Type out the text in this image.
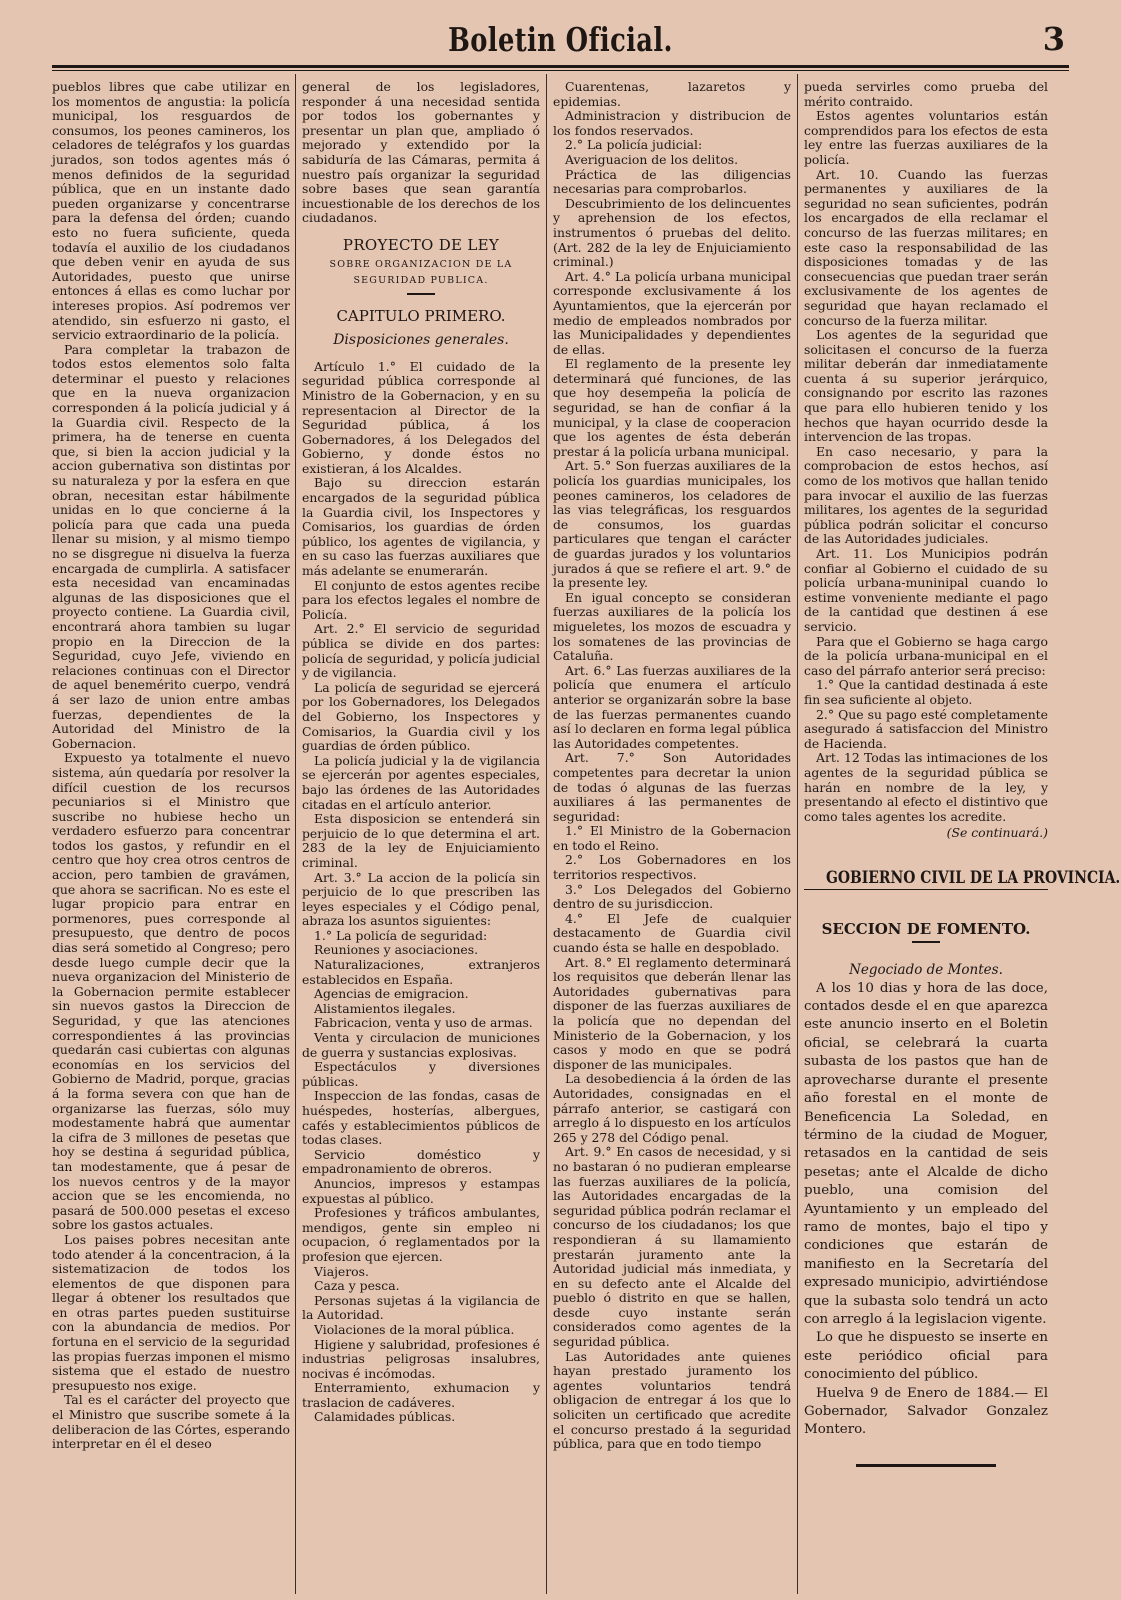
Boletin Oficial.	3

pueblos libres que cabe utilizar en los momentos de angustia: la policía municipal, los resguardos de consumos, los peones camineros, los celadores de telégrafos y los guardas jurados, son todos agentes más ó menos definidos de la seguridad pública, que en un instante dado pueden organizarse y concentrarse para la defensa del órden; cuando esto no fuera suficiente, queda todavía el auxilio de los ciudadanos que deben venir en ayuda de sus Autoridades, puesto que unirse entonces á ellas es como luchar por intereses propios. Así podremos ver atendido, sin esfuerzo ni gasto, el servicio extraordinario de la policía.

Para completar la trabazon de todos estos elementos solo falta determinar el puesto y relaciones que en la nueva organizacion corresponden á la policía judicial y á la Guardia civil. Respecto de la primera, ha de tenerse en cuenta que, si bien la accion judicial y la accion gubernativa son distintas por su naturaleza y por la esfera en que obran, necesitan estar hábilmente unidas en lo que concierne á la policía para que cada una pueda llenar su mision, y al mismo tiempo no se disgregue ni disuelva la fuerza encargada de cumplirla. A satisfacer esta necesidad van encaminadas algunas de las disposiciones que el proyecto contiene. La Guardia civil, encontrará ahora tambien su lugar propio en la Direccion de la Seguridad, cuyo Jefe, viviendo en relaciones continuas con el Director de aquel benemérito cuerpo, vendrá á ser lazo de union entre ambas fuerzas, dependientes de la Autoridad del Ministro de la Gobernacion.

Expuesto ya totalmente el nuevo sistema, aún quedaría por resolver la difícil cuestion de los recursos pecuniarios si el Ministro que suscribe no hubiese hecho un verdadero esfuerzo para concentrar todos los gastos, y refundir en el centro que hoy crea otros centros de accion, pero tambien de gravámen, que ahora se sacrifican. No es este el lugar propicio para entrar en pormenores, pues corresponde al presupuesto, que dentro de pocos dias será sometido al Congreso; pero desde luego cumple decir que la nueva organizacion del Ministerio de la Gobernacion permite establecer sin nuevos gastos la Direccion de Seguridad, y que las atenciones correspondientes á las provincias quedarán casi cubiertas con algunas economías en los servicios del Gobierno de Madrid, porque, gracias á la forma severa con que han de organizarse las fuerzas, sólo muy modestamente habrá que aumentar la cifra de 3 millones de pesetas que hoy se destina á seguridad pública, tan modestamente, que á pesar de los nuevos centros y de la mayor accion que se les encomienda, no pasará de 500.000 pesetas el exceso sobre los gastos actuales.

Los paises pobres necesitan ante todo atender á la concentracion, á la sistematizacion de todos los elementos de que disponen para llegar á obtener los resultados que en otras partes pueden sustituirse con la abundancia de medios. Por fortuna en el servicio de la seguridad las propias fuerzas imponen el mismo sistema que el estado de nuestro presupuesto nos exige.

Tal es el carácter del proyecto que el Ministro que suscribe somete á la deliberacion de las Córtes, esperando interpretar en él el deseo

general de los legisladores, responder á una necesidad sentida por todos los gobernantes y presentar un plan que, ampliado ó mejorado y extendido por la sabiduría de las Cámaras, permita á nuestro país organizar la seguridad sobre bases que sean garantía incuestionable de los derechos de los ciudadanos.

PROYECTO DE LEY
SOBRE ORGANIZACION DE LA SEGURIDAD PUBLICA.
CAPITULO PRIMERO.
Disposiciones generales.

Artículo 1.° El cuidado de la seguridad pública corresponde al Ministro de la Gobernacion, y en su representacion al Director de la Seguridad pública, á los Gobernadores, á los Delegados del Gobierno, y donde éstos no existieran, á los Alcaldes.

Bajo su direccion estarán encargados de la seguridad pública la Guardia civil, los Inspectores y Comisarios, los guardias de órden público, los agentes de vigilancia, y en su caso las fuerzas auxiliares que más adelante se enumerarán.

El conjunto de estos agentes recibe para los efectos legales el nombre de Policía.

Art. 2.° El servicio de seguridad pública se divide en dos partes: policía de seguridad, y policía judicial y de vigilancia.

La policía de seguridad se ejercerá por los Gobernadores, los Delegados del Gobierno, los Inspectores y Comisarios, la Guardia civil y los guardias de órden público.

La policía judicial y la de vigilancia se ejercerán por agentes especiales, bajo las órdenes de las Autoridades citadas en el artículo anterior.

Esta disposicion se entenderá sin perjuicio de lo que determina el art. 283 de la ley de Enjuiciamiento criminal.

Art. 3.° La accion de la policía sin perjuicio de lo que prescriben las leyes especiales y el Código penal, abraza los asuntos siguientes:

1.° La policía de seguridad:

Reuniones y asociaciones.

Naturalizaciones, extranjeros establecidos en España.

Agencias de emigracion.

Alistamientos ilegales.

Fabricacion, venta y uso de armas.

Venta y circulacion de municiones de guerra y sustancias explosivas.

Espectáculos y diversiones públicas.

Inspeccion de las fondas, casas de huéspedes, hosterías, albergues, cafés y establecimientos públicos de todas clases.

Servicio doméstico y empadronamiento de obreros.

Anuncios, impresos y estampas expuestas al público.

Profesiones y tráficos ambulantes, mendigos, gente sin empleo ni ocupacion, ó reglamentados por la profesion que ejercen.

Viajeros.

Caza y pesca.

Personas sujetas á la vigilancia de la Autoridad.

Violaciones de la moral pública.

Higiene y salubridad, profesiones é industrias peligrosas insalubres, nocivas é incómodas.

Enterramiento, exhumacion y traslacion de cadáveres.

Calamidades públicas.

Cuarentenas, lazaretos y epidemias.

Administracion y distribucion de los fondos reservados.

2.° La policía judicial:

Averiguacion de los delitos.

Práctica de las diligencias necesarias para comprobarlos.

Descubrimiento de los delincuentes y aprehension de los efectos, instrumentos ó pruebas del delito. (Art. 282 de la ley de Enjuiciamiento criminal.)

Art. 4.° La policía urbana municipal corresponde exclusivamente á los Ayuntamientos, que la ejercerán por medio de empleados nombrados por las Municipalidades y dependientes de ellas.

El reglamento de la presente ley determinará qué funciones, de las que hoy desempeña la policía de seguridad, se han de confiar á la municipal, y la clase de cooperacion que los agentes de ésta deberán prestar á la policía urbana municipal.

Art. 5.° Son fuerzas auxiliares de la policía los guardias municipales, los peones camineros, los celadores de las vias telegráficas, los resguardos de consumos, los guardas particulares que tengan el carácter de guardas jurados y los voluntarios jurados á que se refiere el art. 9.° de la presente ley.

En igual concepto se consideran fuerzas auxiliares de la policía los migueletes, los mozos de escuadra y los somatenes de las provincias de Cataluña.

Art. 6.° Las fuerzas auxiliares de la policía que enumera el artículo anterior se organizarán sobre la base de las fuerzas permanentes cuando así lo declaren en forma legal pública las Autoridades competentes.

Art. 7.° Son Autoridades competentes para decretar la union de todas ó algunas de las fuerzas auxiliares á las permanentes de seguridad:

1.° El Ministro de la Gobernacion en todo el Reino.

2.° Los Gobernadores en los territorios respectivos.

3.° Los Delegados del Gobierno dentro de su jurisdiccion.

4.° El Jefe de cualquier destacamento de Guardia civil cuando ésta se halle en despoblado.

Art. 8.° El reglamento determinará los requisitos que deberán llenar las Autoridades gubernativas para disponer de las fuerzas auxiliares de la policía que no dependan del Ministerio de la Gobernacion, y los casos y modo en que se podrá disponer de las municipales.

La desobediencia á la órden de las Autoridades, consignadas en el párrafo anterior, se castigará con arreglo á lo dispuesto en los artículos 265 y 278 del Código penal.

Art. 9.° En casos de necesidad, y si no bastaran ó no pudieran emplearse las fuerzas auxiliares de la policía, las Autoridades encargadas de la seguridad pública podrán reclamar el concurso de los ciudadanos; los que respondieran á su llamamiento prestarán juramento ante la Autoridad judicial más inmediata, y en su defecto ante el Alcalde del pueblo ó distrito en que se hallen, desde cuyo instante serán considerados como agentes de la seguridad pública.

Las Autoridades ante quienes hayan prestado juramento los agentes voluntarios tendrá obligacion de entregar á los que lo soliciten un certificado que acredite el concurso prestado á la seguridad pública, para que en todo tiempo

pueda servirles como prueba del mérito contraido.

Estos agentes voluntarios están comprendidos para los efectos de esta ley entre las fuerzas auxiliares de la policía.

Art. 10. Cuando las fuerzas permanentes y auxiliares de la seguridad no sean suficientes, podrán los encargados de ella reclamar el concurso de las fuerzas militares; en este caso la responsabilidad de las disposiciones tomadas y de las consecuencias que puedan traer serán exclusivamente de los agentes de seguridad que hayan reclamado el concurso de la fuerza militar.

Los agentes de la seguridad que solicitasen el concurso de la fuerza militar deberán dar inmediatamente cuenta á su superior jerárquico, consignando por escrito las razones que para ello hubieren tenido y los hechos que hayan ocurrido desde la intervencion de las tropas.

En caso necesario, y para la comprobacion de estos hechos, así como de los motivos que hallan tenido para invocar el auxilio de las fuerzas militares, los agentes de la seguridad pública podrán solicitar el concurso de las Autoridades judiciales.

Art. 11. Los Municipios podrán confiar al Gobierno el cuidado de su policía urbana-muninipal cuando lo estime vonveniente mediante el pago de la cantidad que destinen á ese servicio.

Para que el Gobierno se haga cargo de la policía urbana-municipal en el caso del párrafo anterior será preciso:

1.° Que la cantidad destinada á este fin sea suficiente al objeto.

2.° Que su pago esté completamente asegurado á satisfaccion del Ministro de Hacienda.

Art. 12 Todas las intimaciones de los agentes de la seguridad pública se harán en nombre de la ley, y presentando al efecto el distintivo que como tales agentes los acredite.

(Se continuará.)
GOBIERNO CIVIL DE LA PROVINCIA.
SECCION DE FOMENTO.
Negociado de Montes.

A los 10 dias y hora de las doce, contados desde el en que aparezca este anuncio inserto en el Boletin oficial, se celebrará la cuarta subasta de los pastos que han de aprovecharse durante el presente año forestal en el monte de Beneficencia La Soledad, en término de la ciudad de Moguer, retasados en la cantidad de seis pesetas; ante el Alcalde de dicho pueblo, una comision del Ayuntamiento y un empleado del ramo de montes, bajo el tipo y condiciones que estarán de manifiesto en la Secretaría del expresado municipio, advirtiéndose que la subasta solo tendrá un acto con arreglo á la legislacion vigente.

Lo que he dispuesto se inserte en este periódico oficial para conocimiento del público.

Huelva 9 de Enero de 1884.— El Gobernador, Salvador Gonzalez Montero.
